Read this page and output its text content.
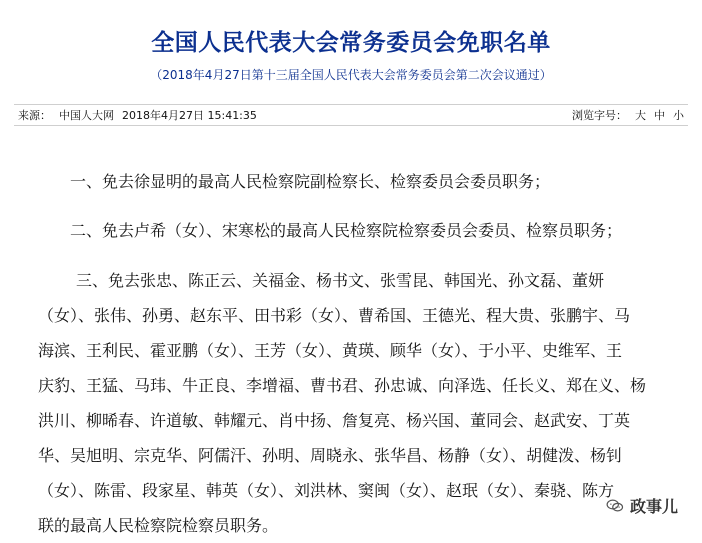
全国人民代表大会常务委员会免职名单
（2018年4月27日第十三届全国人民代表大会常务委员会第二次会议通过）
来源： 中国人大网 2018年4月27日 15:41:35	浏览字号： 大 中 小

一、免去徐显明的最高人民检察院副检察长、检察委员会委员职务；

二、免去卢希（女）、宋寒松的最高人民检察院检察委员会委员、检察员职务；

三、免去张忠、陈正云、关福金、杨书文、张雪昆、韩国光、孙文磊、董妍
（女）、张伟、孙勇、赵东平、田书彩（女）、曹希国、王德光、程大贵、张鹏宇、马
海滨、王利民、霍亚鹏（女）、王芳（女）、黄瑛、顾华（女）、于小平、史维军、王
庆豹、王猛、马玮、牛正良、李增福、曹书君、孙忠诚、向泽选、任长义、郑在义、杨
洪川、柳晞春、许道敏、韩耀元、肖中扬、詹复亮、杨兴国、董同会、赵武安、丁英
华、吴旭明、宗克华、阿儒汗、孙明、周晓永、张华昌、杨静（女）、胡健泼、杨钊
（女）、陈雷、段家星、韩英（女）、刘洪林、窦闽（女）、赵珉（女）、秦骁、陈方
联的最高人民检察院检察员职务。

政事儿
